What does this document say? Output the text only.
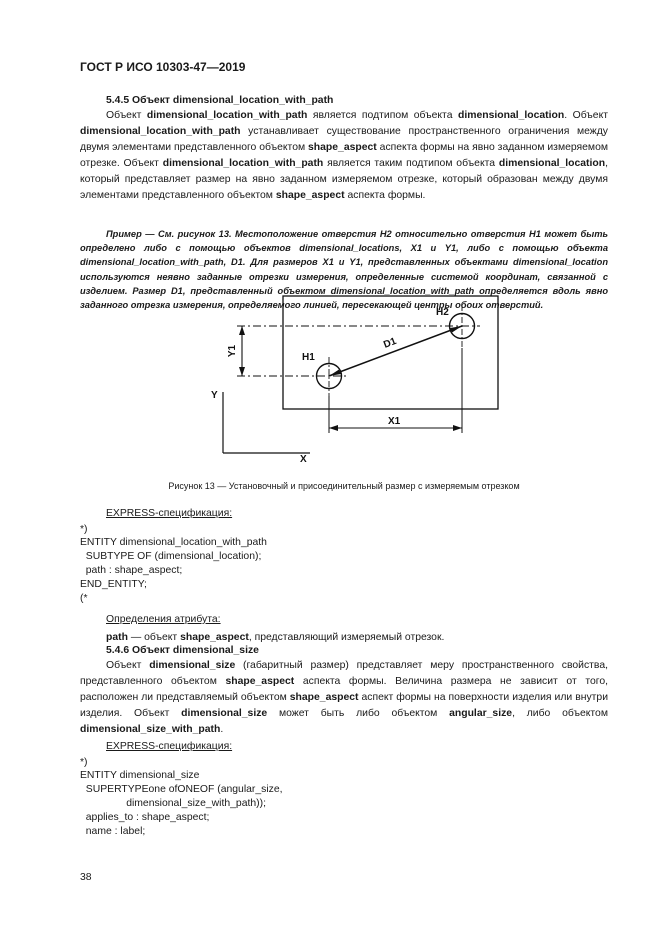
ГОСТ Р ИСО 10303-47—2019
5.4.5 Объект dimensional_location_with_path
Объект dimensional_location_with_path является подтипом объекта dimensional_location. Объект dimensional_location_with_path устанавливает существование пространственного ограничения между двумя элементами представленного объектом shape_aspect аспекта формы на явно заданном измеряемом отрезке. Объект dimensional_location_with_path является таким подтипом объекта dimensional_location, который представляет размер на явно заданном измеряемом отрезке, который образован между двумя элементами представленного объектом shape_aspect аспекта формы.
Пример — См. рисунок 13. Местоположение отверстия H2 относительно отверстия H1 может быть определено либо с помощью объектов dimensional_locations, X1 и Y1, либо с помощью объекта dimensional_location_with_path, D1. Для размеров X1 и Y1, представленных объектами dimensional_location используются неявно заданные отрезки измерения, определенные системой координат, связанной с изделием. Размер D1, представленный объектом dimensional_location_with_path определяется вдоль явно заданного отрезка измерения, определяемого линией, пересекающей центры обоих отверстий.
H2
H1
D1
X1
Y1
X
Y
Рисунок 13 — Установочный и присоединительный размер с измеряемым отрезком
EXPRESS-спецификация:
*)
ENTITY dimensional_location_with_path
SUBTYPE OF (dimensional_location);
path : shape_aspect;
END_ENTITY;
(*
Определения атрибута:
path — объект shape_aspect, представляющий измеряемый отрезок.
5.4.6 Объект dimensional_size
Объект dimensional_size (габаритный размер) представляет меру пространственного свойства, представленного объектом shape_aspect аспекта формы. Величина размера не зависит от того, расположен ли представляемый объектом shape_aspect аспект формы на поверхности изделия или внутри изделия. Объект dimensional_size может быть либо объектом angular_size, либо объектом dimensional_size_with_path.
EXPRESS-спецификация:
*)
ENTITY dimensional_size
SUPERTYPEone ofONEOF (angular_size,
dimensional_size_with_path));
applies_to : shape_aspect;
name : label;
38
